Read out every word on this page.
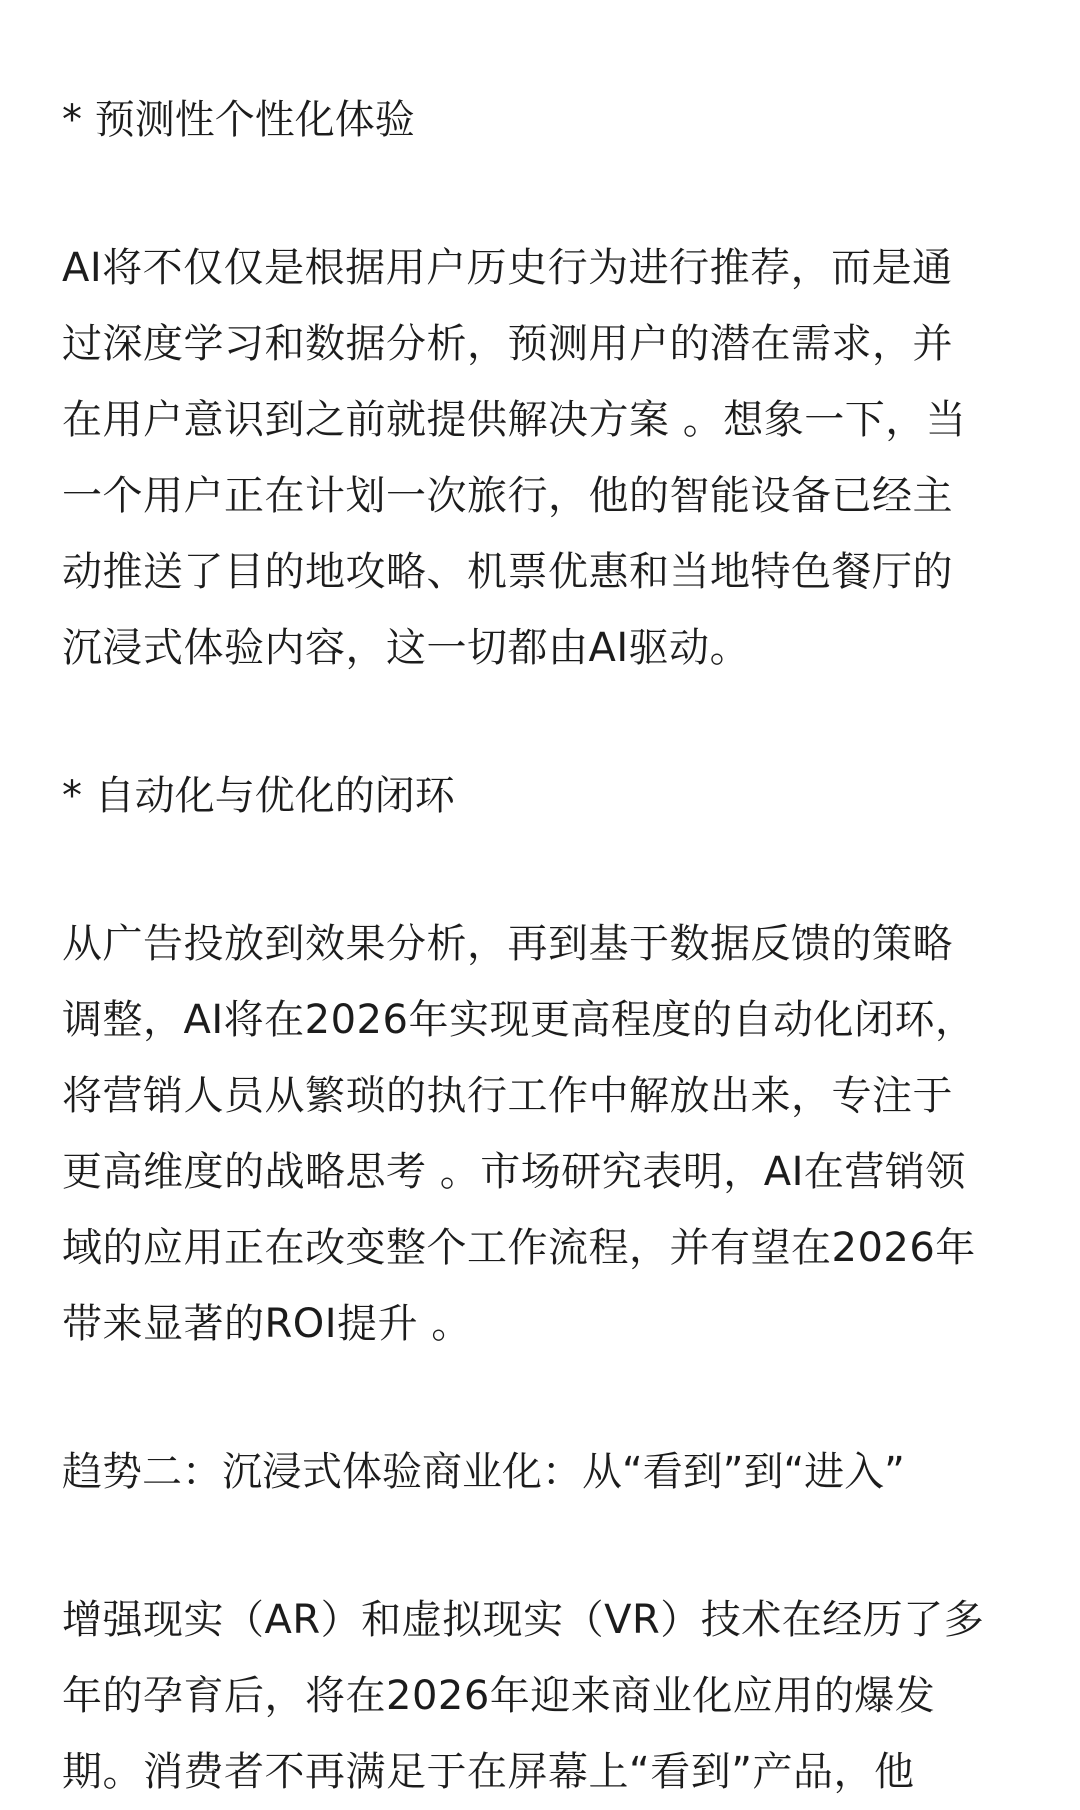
* 预测性个性化体验
AI将不仅仅是根据用户历史行为进行推荐，而是通
过深度学习和数据分析，预测用户的潜在需求，并
在用户意识到之前就提供解决方案 。想象一下，当
一个用户正在计划一次旅行，他的智能设备已经主
动推送了目的地攻略、机票优惠和当地特色餐厅的
沉浸式体验内容，这一切都由AI驱动。
* 自动化与优化的闭环
从广告投放到效果分析，再到基于数据反馈的策略
调整，AI将在2026年实现更高程度的自动化闭环，
将营销人员从繁琐的执行工作中解放出来，专注于
更高维度的战略思考 。市场研究表明，AI在营销领
域的应用正在改变整个工作流程，并有望在2026年
带来显著的ROI提升 。
趋势二：沉浸式体验商业化：从“看到”到“进入”
增强现实（AR）和虚拟现实（VR）技术在经历了多
年的孕育后，将在2026年迎来商业化应用的爆发
期。消费者不再满足于在屏幕上“看到”产品，他
